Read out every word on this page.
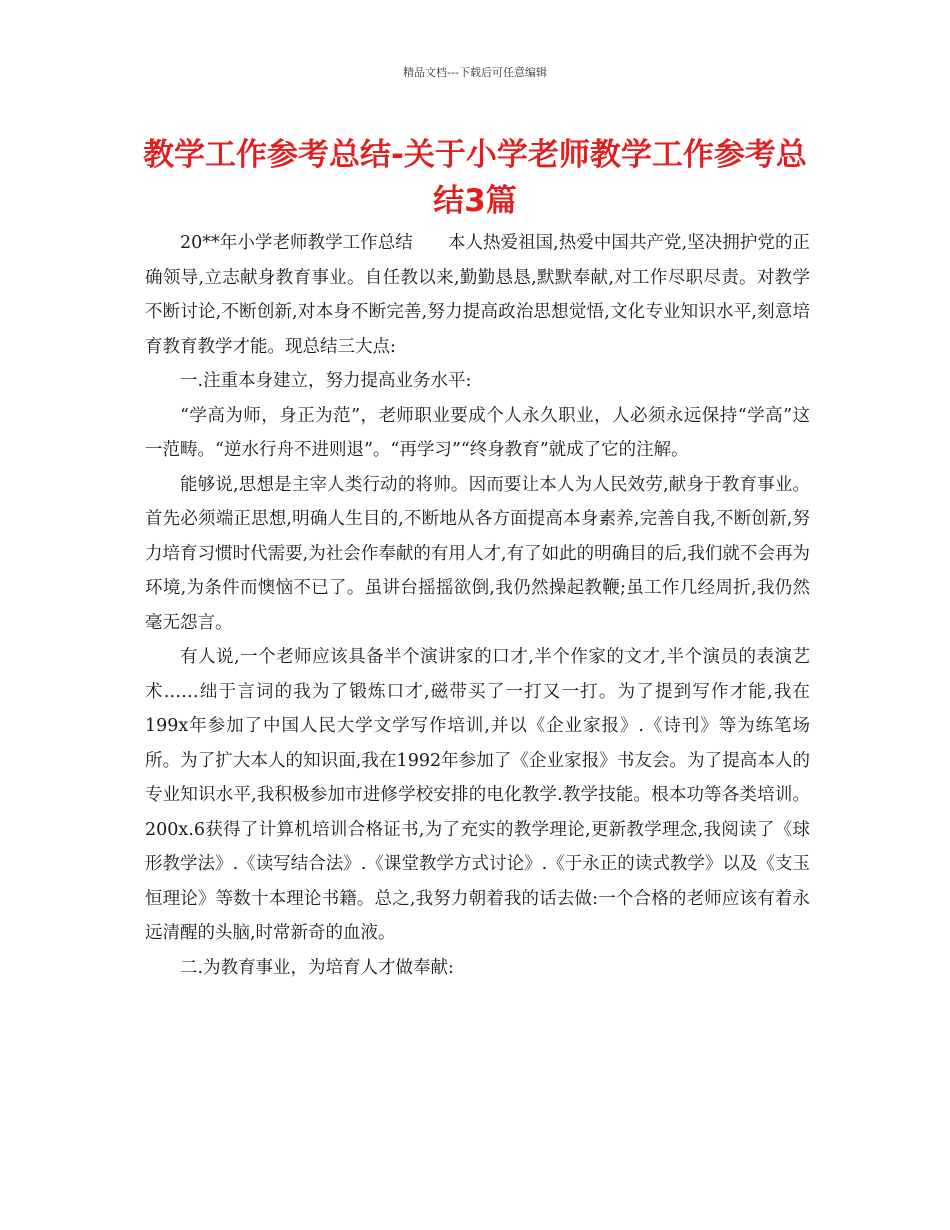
精品文档---下载后可任意编辑
教学工作参考总结-关于小学老师教学工作参考总结3篇

20**年小学老师教学工作总结　　本人热爱祖国,热爱中国共产党,坚决拥护党的正确领导,立志献身教育事业。自任教以来,勤勤恳恳,默默奉献,对工作尽职尽责。对教学不断讨论,不断创新,对本身不断完善,努力提高政治思想觉悟,文化专业知识水平,刻意培育教育教学才能。现总结三大点:

一.注重本身建立，努力提高业务水平:

“学高为师，身正为范”，老师职业要成个人永久职业，人必须永远保持“学高”这一范畴。“逆水行舟不进则退”。“再学习”“终身教育”就成了它的注解。

能够说,思想是主宰人类行动的将帅。因而要让本人为人民效劳,献身于教育事业。首先必须端正思想,明确人生目的,不断地从各方面提高本身素养,完善自我,不断创新,努力培育习惯时代需要,为社会作奉献的有用人才,有了如此的明确目的后,我们就不会再为环境,为条件而懊恼不已了。虽讲台摇摇欲倒,我仍然操起教鞭;虽工作几经周折,我仍然毫无怨言。

有人说,一个老师应该具备半个演讲家的口才,半个作家的文才,半个演员的表演艺术……绌于言词的我为了锻炼口才,磁带买了一打又一打。为了提到写作才能,我在199x年参加了中国人民大学文学写作培训,并以《企业家报》.《诗刊》等为练笔场所。为了扩大本人的知识面,我在1992年参加了《企业家报》书友会。为了提高本人的专业知识水平,我积极参加市进修学校安排的电化教学.教学技能。根本功等各类培训。200x.6获得了计算机培训合格证书,为了充实的教学理论,更新教学理念,我阅读了《球形教学法》.《读写结合法》.《课堂教学方式讨论》.《于永正的读式教学》以及《支玉恒理论》等数十本理论书籍。总之,我努力朝着我的话去做:一个合格的老师应该有着永远清醒的头脑,时常新奇的血液。

二.为教育事业，为培育人才做奉献:
